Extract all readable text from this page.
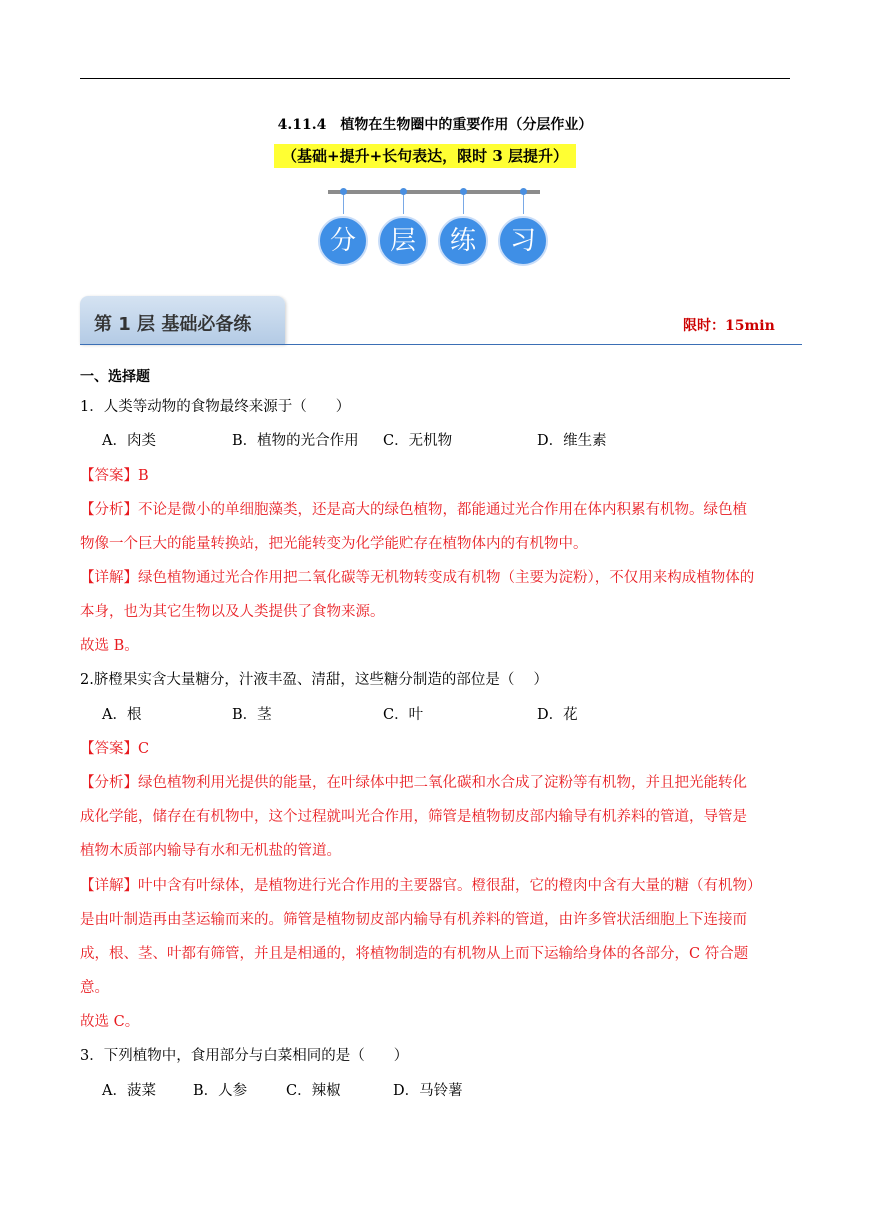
4.11.4　植物在生物圈中的重要作用（分层作业）
（基础+提升+长句表达，限时 3 层提升）
分	层	练	习
第 1 层 基础必备练	限时：15min
一、选择题
1．人类等动物的食物最终来源于（　　）
A．肉类	B．植物的光合作用 C．无机物	D．维生素
【答案】B
【分析】不论是微小的单细胞藻类，还是高大的绿色植物，都能通过光合作用在体内积累有机物。绿色植
物像一个巨大的能量转换站，把光能转变为化学能贮存在植物体内的有机物中。
【详解】绿色植物通过光合作用把二氧化碳等无机物转变成有机物（主要为淀粉），不仅用来构成植物体的
本身，也为其它生物以及人类提供了食物来源。
故选 B。
2.脐橙果实含大量糖分，汁液丰盈、清甜，这些糖分制造的部位是（　 ）
A．根	B．茎	C．叶	D．花
【答案】C
【分析】绿色植物利用光提供的能量，在叶绿体中把二氧化碳和水合成了淀粉等有机物，并且把光能转化
成化学能，储存在有机物中，这个过程就叫光合作用，筛管是植物韧皮部内输导有机养料的管道，导管是
植物木质部内输导有水和无机盐的管道。
【详解】叶中含有叶绿体，是植物进行光合作用的主要器官。橙很甜，它的橙肉中含有大量的糖（有机物）
是由叶制造再由茎运输而来的。筛管是植物韧皮部内输导有机养料的管道，由许多管状活细胞上下连接而
成，根、茎、叶都有筛管，并且是相通的，将植物制造的有机物从上而下运输给身体的各部分，C 符合题
意。
故选 C。
3．下列植物中，食用部分与白菜相同的是（　　）
A．菠菜	B．人参	C．辣椒	D．马铃薯
